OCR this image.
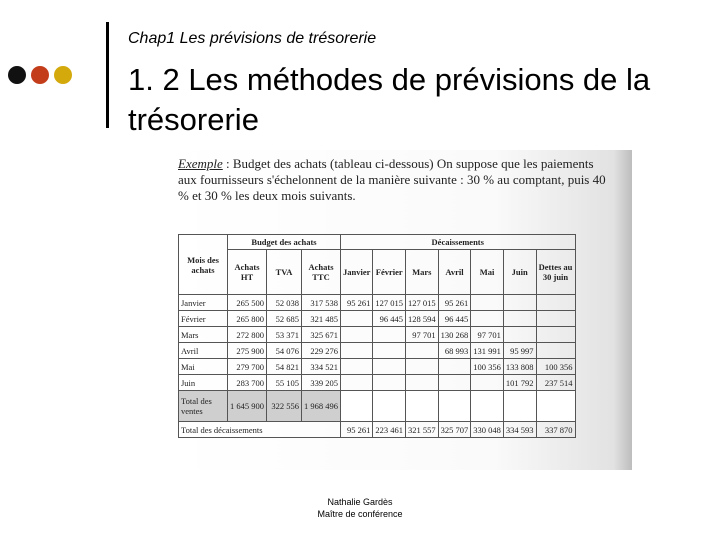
Chap1 Les prévisions de trésorerie
1. 2 Les méthodes de prévisions de la trésorerie
Exemple : Budget des achats (tableau ci-dessous) On suppose que les paiements aux fournisseurs s'échelonnent de la manière suivante : 30 % au comptant, puis 40 % et 30 % les deux mois suivants.
Mois des achats	Budget des achats			Décaissements						
	Achats HT	TVA	Achats TTC	Janvier	Février	Mars	Avril	Mai	Juin	Dettes au 30 juin
Janvier	265 500	52 038	317 538	95 261	127 015	127 015	95 261			
Février	265 800	52 685	321 485		96 445	128 594	96 445			
Mars	272 800	53 371	325 671			97 701	130 268	97 701		
Avril	275 900	54 076	229 276				68 993	131 991	95 997	
Mai	279 700	54 821	334 521					100 356	133 808	100 356
Juin	283 700	55 105	339 205						101 792	237 514
Total des ventes	1 645 900	322 556	1 968 496							
Total des décaissements				95 261	223 461	321 557	325 707	330 048	334 593	337 870
Nathalie Gardès
Maître de conférence
